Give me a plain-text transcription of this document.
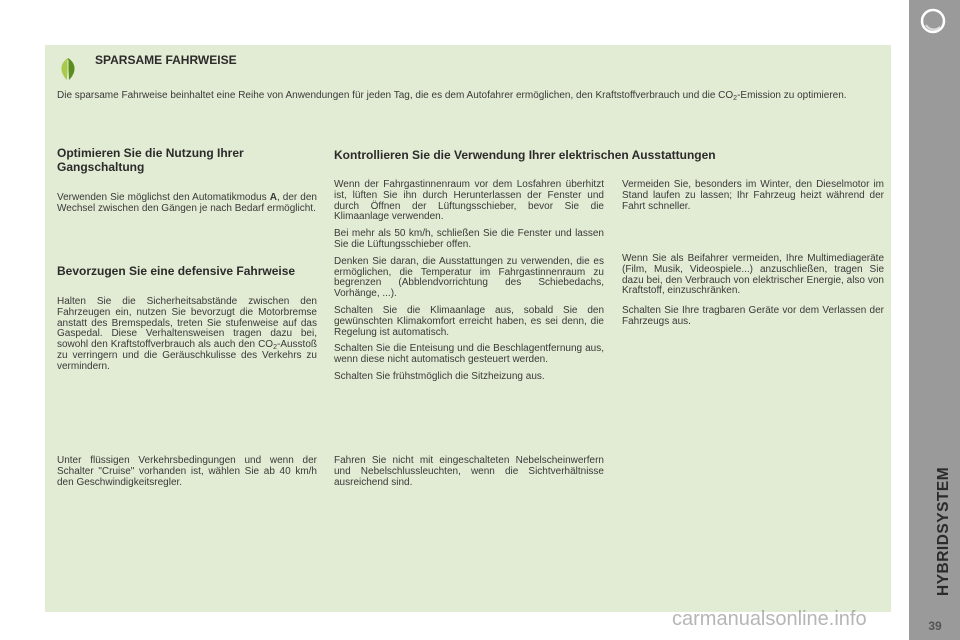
HYBRIDSYSTEM
39
SPARSAME FAHRWEISE
Die sparsame Fahrweise beinhaltet eine Reihe von Anwendungen für jeden Tag, die es dem Autofahrer ermöglichen, den Kraftstoffverbrauch und die $CO_2$-Emission zu optimieren.
Optimieren Sie die Nutzung Ihrer Gangschaltung
Verwenden Sie möglichst den Automatikmodus A, der den Wechsel zwischen den Gängen je nach Bedarf ermöglicht.
Bevorzugen Sie eine defensive Fahrweise
Halten Sie die Sicherheitsabstände zwischen den Fahrzeugen ein, nutzen Sie bevorzugt die Motorbremse anstatt des Bremspedals, treten Sie stufenweise auf das Gaspedal. Diese Verhaltensweisen tragen dazu bei, sowohl den Kraftstoffverbrauch als auch den $CO_2$-Ausstoß zu verringern und die Geräuschkulisse des Verkehrs zu vermindern.
Unter flüssigen Verkehrsbedingungen und wenn der Schalter "Cruise" vorhanden ist, wählen Sie ab 40 km/h den Geschwindigkeitsregler.
Kontrollieren Sie die Verwendung Ihrer elektrischen Ausstattungen

Wenn der Fahrgastinnenraum vor dem Losfahren überhitzt ist, lüften Sie ihn durch Herunterlassen der Fenster und durch Öffnen der Lüftungsschieber, bevor Sie die Klimaanlage verwenden.

Bei mehr als 50 km/h, schließen Sie die Fenster und lassen Sie die Lüftungsschieber offen.

Denken Sie daran, die Ausstattungen zu verwenden, die es ermöglichen, die Temperatur im Fahrgastinnenraum zu begrenzen (Abblendvorrichtung des Schiebedachs, Vorhänge, ...).

Schalten Sie die Klimaanlage aus, sobald Sie den gewünschten Klimakomfort erreicht haben, es sei denn, die Regelung ist automatisch.

Schalten Sie die Enteisung und die Beschlagentfernung aus, wenn diese nicht automatisch gesteuert werden.

Schalten Sie frühstmöglich die Sitzheizung aus.

Fahren Sie nicht mit eingeschalteten Nebelscheinwerfern und Nebelschlussleuchten, wenn die Sichtverhältnisse ausreichend sind.
Vermeiden Sie, besonders im Winter, den Dieselmotor im Stand laufen zu lassen; Ihr Fahrzeug heizt während der Fahrt schneller.
Wenn Sie als Beifahrer vermeiden, Ihre Multimediageräte (Film, Musik, Videospiele...) anzuschließen, tragen Sie dazu bei, den Verbrauch von elektrischer Energie, also von Kraftstoff, einzuschränken.
Schalten Sie Ihre tragbaren Geräte vor dem Verlassen der Fahrzeugs aus.
carmanualsonline.info
